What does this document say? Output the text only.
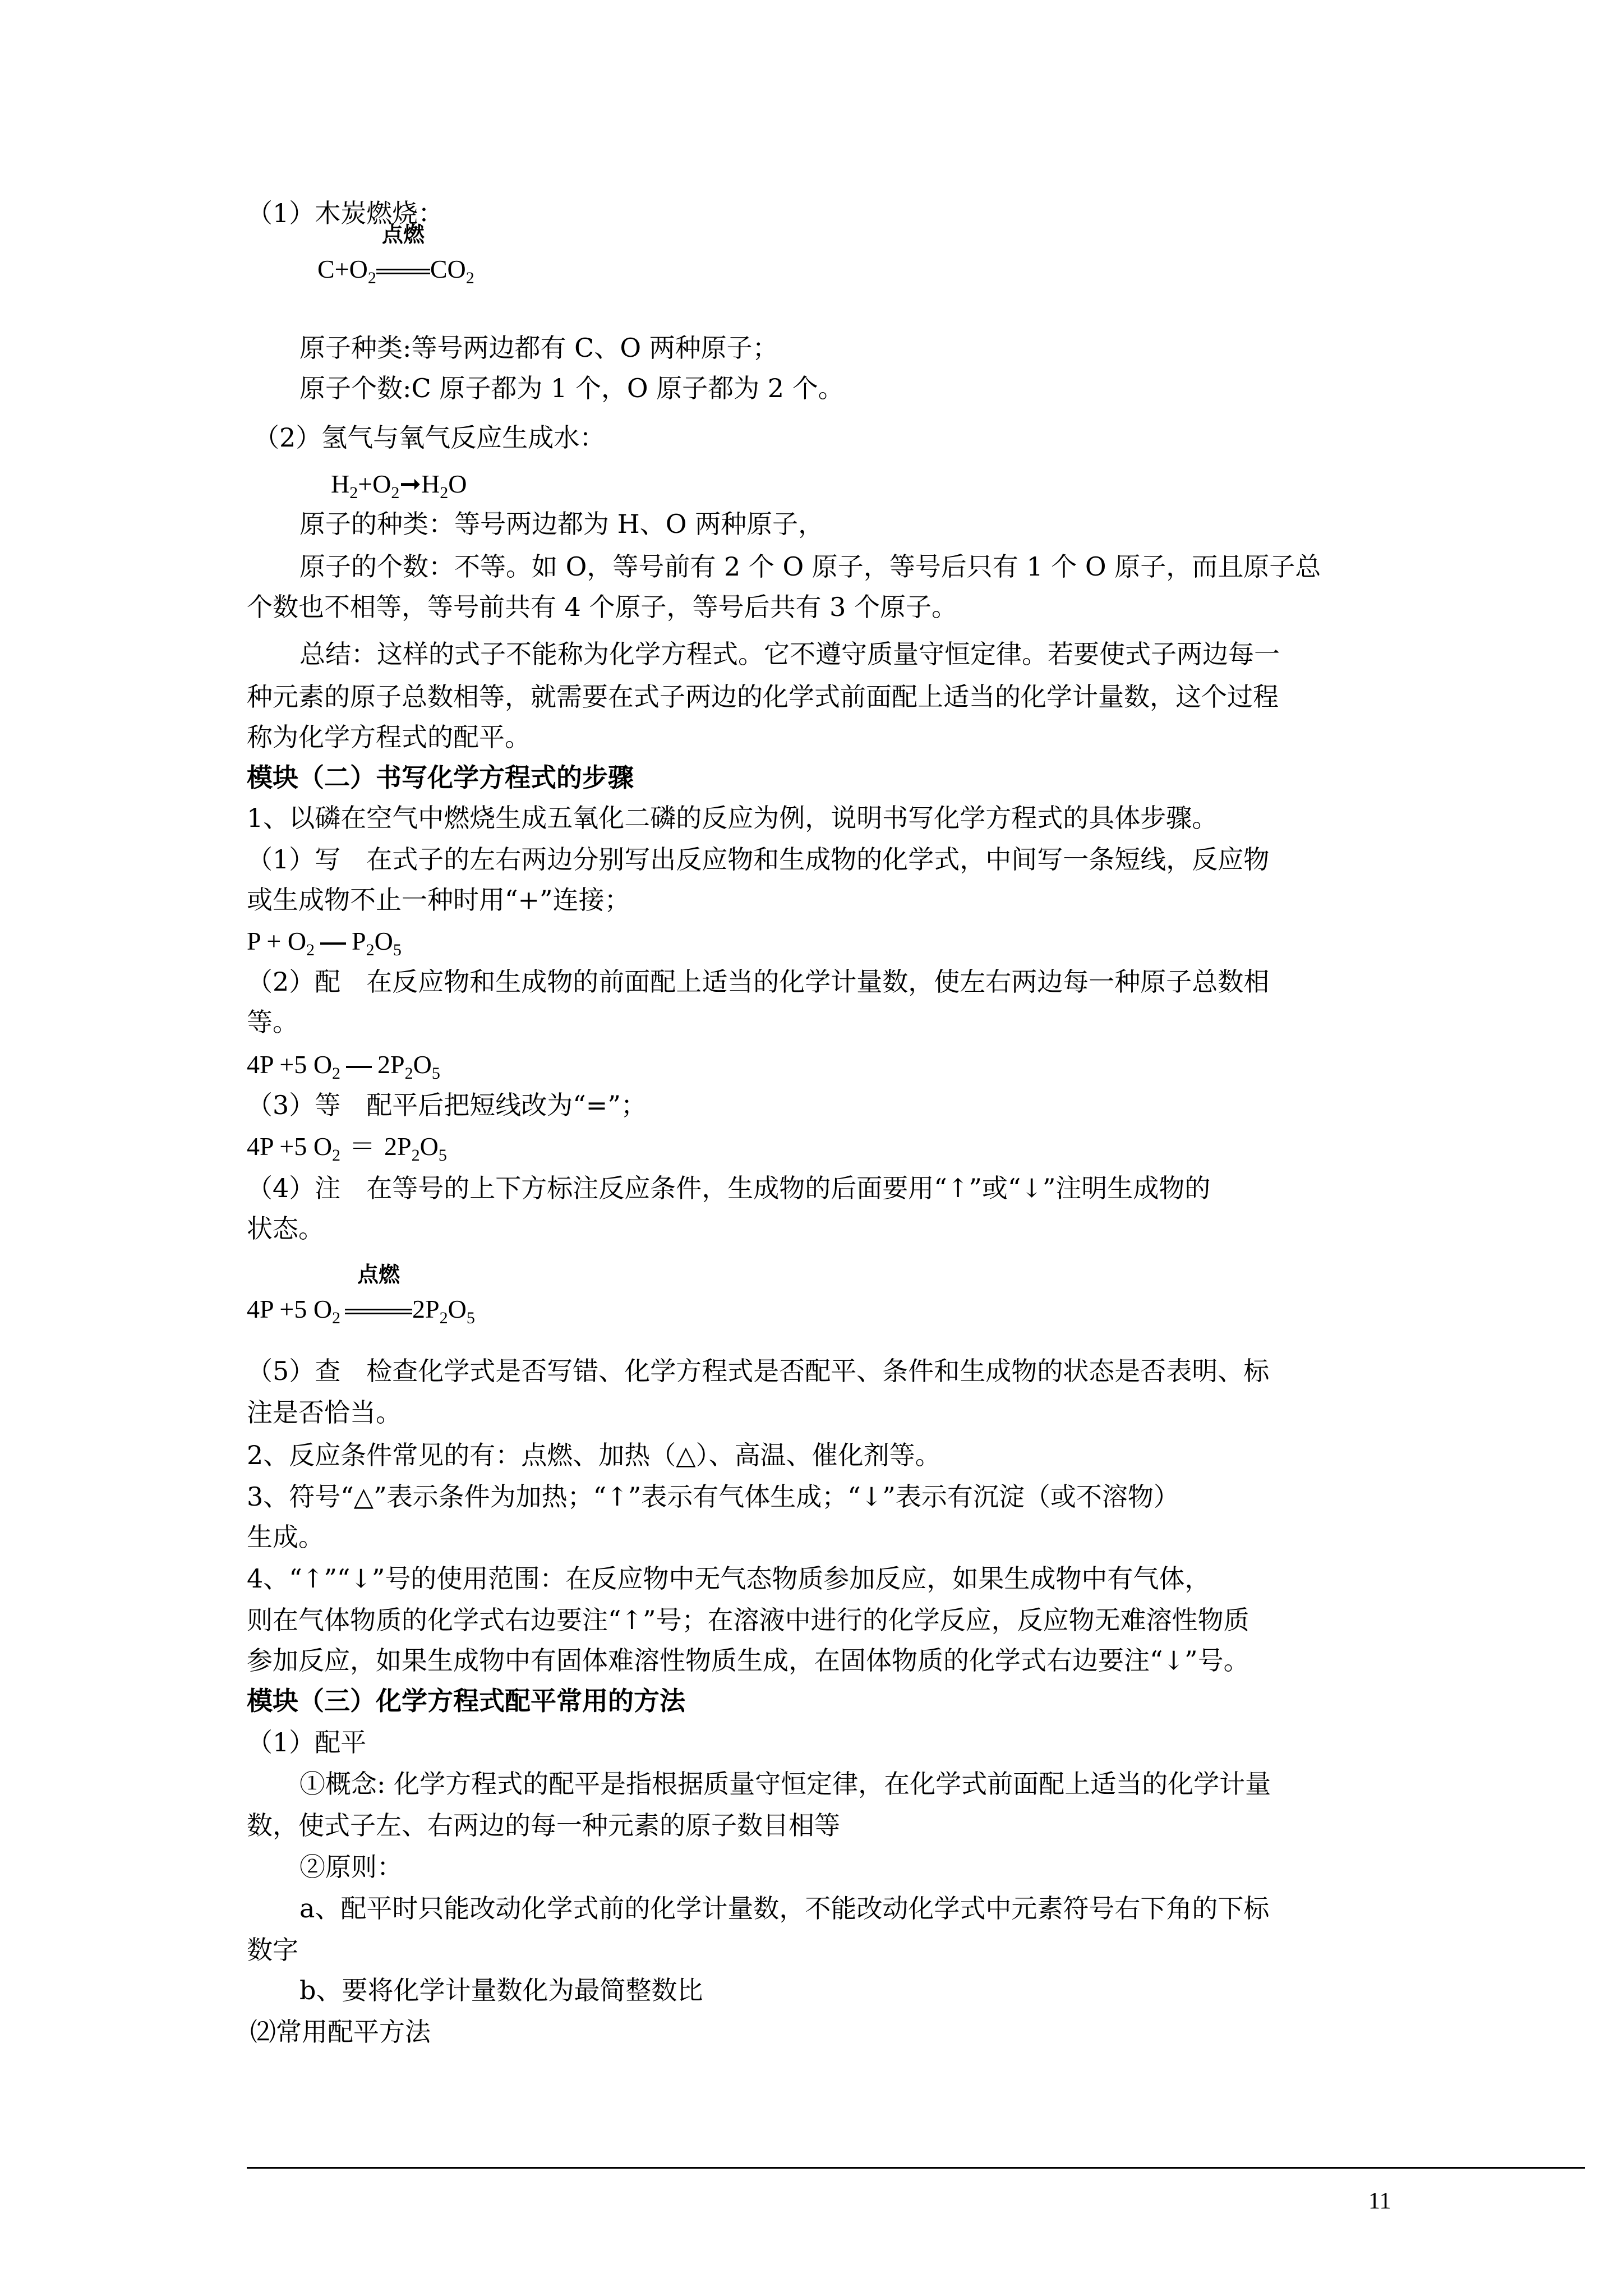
（1）木炭燃烧：
$C+O_2$
点燃
$CO_2$
原子种类:等号两边都有 C、O 两种原子；
原子个数:C 原子都为 1 个，O 原子都为 2 个。
（2）氢气与氧气反应生成水：
$H_2+O_2➞H_2O$
原子的种类：等号两边都为 H、O 两种原子，
原子的个数：不等。如 O，等号前有 2 个 O 原子，等号后只有 1 个 O 原子，而且原子总
个数也不相等，等号前共有 4 个原子，等号后共有 3 个原子。
总结：这样的式子不能称为化学方程式。它不遵守质量守恒定律。若要使式子两边每一
种元素的原子总数相等，就需要在式子两边的化学式前面配上适当的化学计量数，这个过程
称为化学方程式的配平。
模块（二）书写化学方程式的步骤
1、以磷在空气中燃烧生成五氧化二磷的反应为例，说明书写化学方程式的具体步骤。
（1）写　在式子的左右两边分别写出反应物和生成物的化学式，中间写一条短线，反应物
或生成物不止一种时用“+”连接；
$P + O_2$ $P_2O_5$
（2）配　在反应物和生成物的前面配上适当的化学计量数，使左右两边每一种原子总数相
等。
4P +5 $O_2$ $2P_2O_5$
（3）等　配平后把短线改为“=”；
4P +5 $O_2 = 2P_2O_5$
（4）注　在等号的上下方标注反应条件，生成物的后面要用“↑”或“↓”注明生成物的
状态。
4P +5 $O_2$
点燃
$2P_2O_5$
（5）查　检查化学式是否写错、化学方程式是否配平、条件和生成物的状态是否表明、标
注是否恰当。
2、反应条件常见的有：点燃、加热（△）、高温、催化剂等。
3、符号“△”表示条件为加热；“↑”表示有气体生成；“↓”表示有沉淀（或不溶物）
生成。
4、“↑”“↓”号的使用范围：在反应物中无气态物质参加反应，如果生成物中有气体，
则在气体物质的化学式右边要注“↑”号；在溶液中进行的化学反应，反应物无难溶性物质
参加反应，如果生成物中有固体难溶性物质生成，在固体物质的化学式右边要注“↓”号。
模块（三）化学方程式配平常用的方法
（1）配平
①概念: 化学方程式的配平是指根据质量守恒定律，在化学式前面配上适当的化学计量
数，使式子左、右两边的每一种元素的原子数目相等
②原则：
a、配平时只能改动化学式前的化学计量数，不能改动化学式中元素符号右下角的下标
数字
b、要将化学计量数化为最简整数比
⑵常用配平方法
11
